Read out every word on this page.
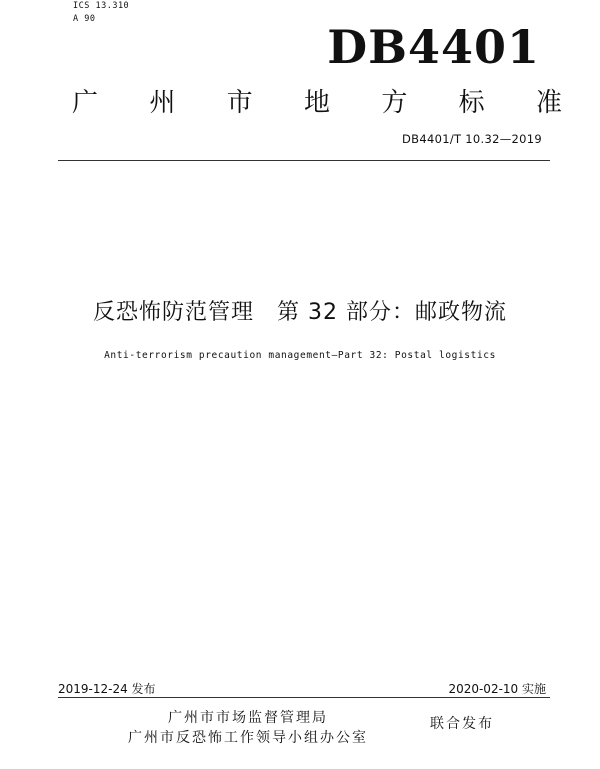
ICS 13.310
A 90
DB4401
广 州 市 地 方 标 准
DB4401/T 10.32—2019
反恐怖防范管理　第 32 部分：邮政物流
Anti-terrorism precaution management—Part 32: Postal logistics
2019-12-24 发布	2020-02-10 实施
广州市市场监督管理局
广州市反恐怖工作领导小组办公室
联合发布
